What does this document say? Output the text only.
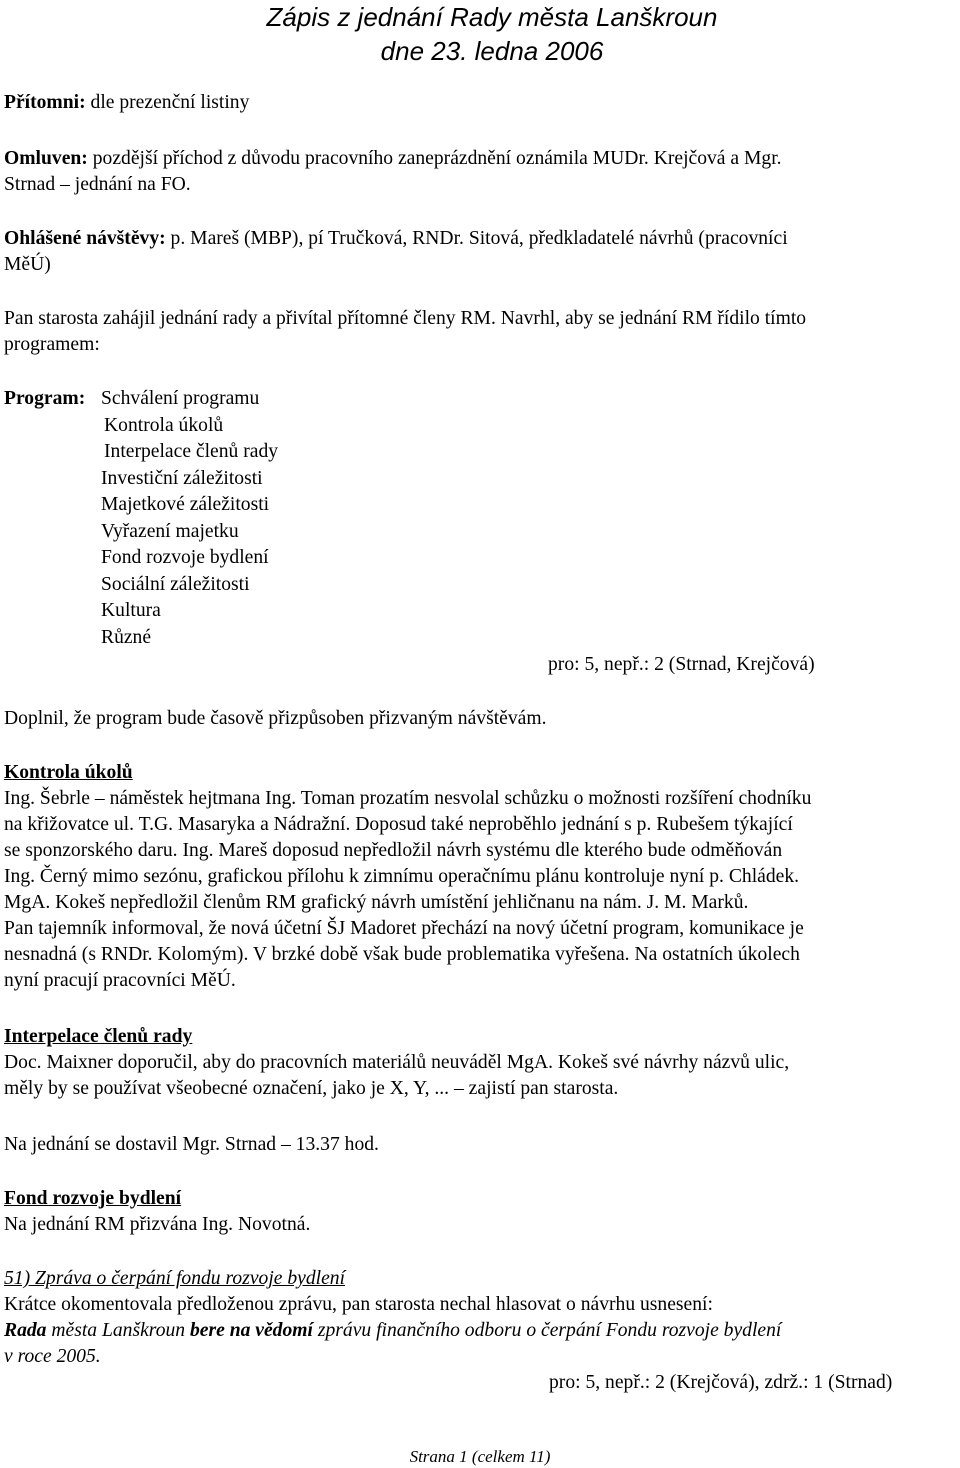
Zápis z jednání Rady města Lanškroun
dne 23. ledna 2006
Přítomni: dle prezenční listiny
Omluven: pozdější příchod z důvodu pracovního zaneprázdnění oznámila MUDr. Krejčová a Mgr.
Strnad – jednání na FO.
Ohlášené návštěvy: p. Mareš (MBP), pí Tručková, RNDr. Sitová, předkladatelé návrhů (pracovníci
MěÚ)
Pan starosta zahájil jednání rady a přivítal přítomné členy RM. Navrhl, aby se jednání RM řídilo tímto
programem:
Program: Schválení programu
Kontrola úkolů
Interpelace členů rady
Investiční záležitosti
Majetkové záležitosti
Vyřazení majetku
Fond rozvoje bydlení
Sociální záležitosti
Kultura
Různé
pro: 5, nepř.: 2 (Strnad, Krejčová)
Doplnil, že program bude časově přizpůsoben přizvaným návštěvám.
Kontrola úkolů
Ing. Šebrle – náměstek hejtmana Ing. Toman prozatím nesvolal schůzku o možnosti rozšíření chodníku
na křižovatce ul. T.G. Masaryka a Nádražní. Doposud také neproběhlo jednání s p. Rubešem týkající
se sponzorského daru. Ing. Mareš doposud nepředložil návrh systému dle kterého bude odměňován
Ing. Černý mimo sezónu, grafickou přílohu k zimnímu operačnímu plánu kontroluje nyní p. Chládek.
MgA. Kokeš nepředložil členům RM grafický návrh umístění jehličnanu na nám. J. M. Marků.
Pan tajemník informoval, že nová účetní ŠJ Madoret přechází na nový účetní program, komunikace je
nesnadná (s RNDr. Kolomým). V brzké době však bude problematika vyřešena. Na ostatních úkolech
nyní pracují pracovníci MěÚ.
Interpelace členů rady
Doc. Maixner doporučil, aby do pracovních materiálů neuváděl MgA. Kokeš své návrhy názvů ulic,
měly by se používat všeobecné označení, jako je X, Y, ... – zajistí pan starosta.
Na jednání se dostavil Mgr. Strnad – 13.37 hod.
Fond rozvoje bydlení
Na jednání RM přizvána Ing. Novotná.
51) Zpráva o čerpání fondu rozvoje bydlení
Krátce okomentovala předloženou zprávu, pan starosta nechal hlasovat o návrhu usnesení:
Rada města Lanškroun bere na vědomí zprávu finančního odboru o čerpání Fondu rozvoje bydlení
v roce 2005.
pro: 5, nepř.: 2 (Krejčová), zdrž.: 1 (Strnad)
Strana 1 (celkem 11)
